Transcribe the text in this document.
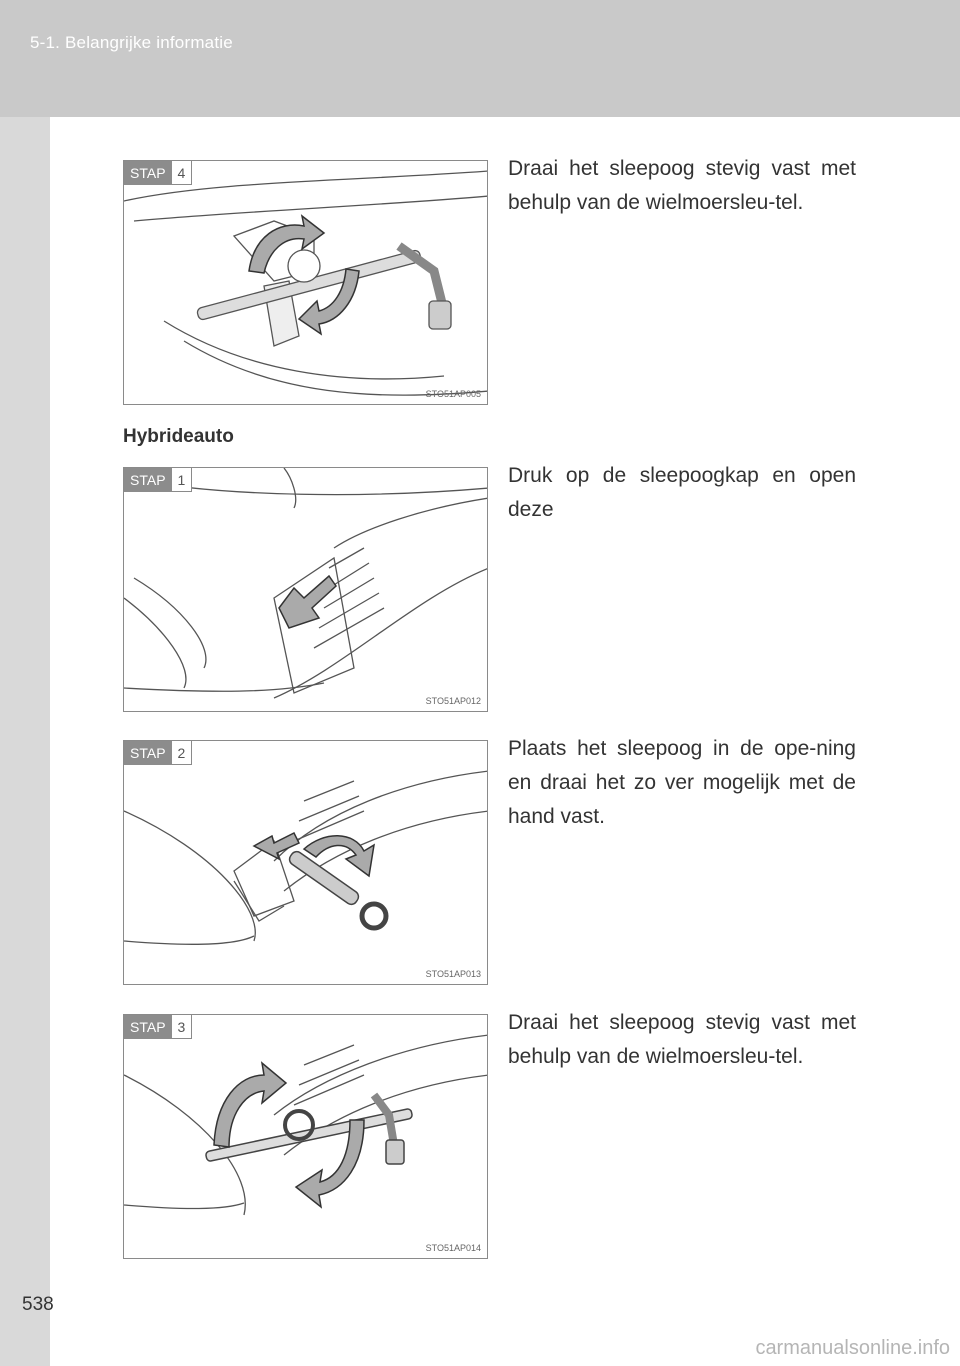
5-1. Belangrijke informatie
STAP 4
STO51AP005
Draai het sleepoog stevig vast met behulp van de wielmoersleu-tel.
Hybrideauto
STAP 1
STO51AP012
Druk op de sleepoogkap en open deze
STAP 2
STO51AP013
Plaats het sleepoog in de ope-ning en draai het zo ver mogelijk met de hand vast.
STAP 3
STO51AP014
Draai het sleepoog stevig vast met behulp van de wielmoersleu-tel.
538
carmanualsonline.info
